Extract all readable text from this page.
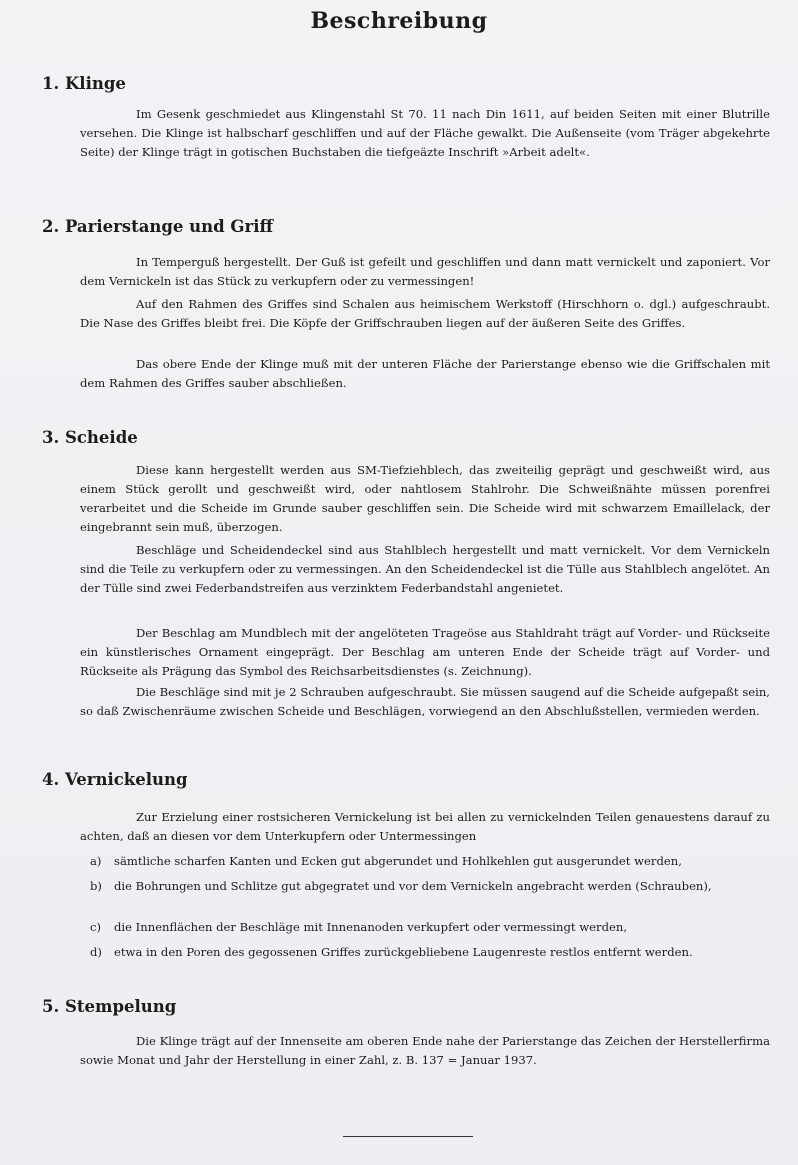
Beschreibung
1. Klinge

Im Gesenk geschmiedet aus Klingenstahl St 70. 11 nach Din 1611, auf beiden Seiten mit einer Blutrille versehen. Die Klinge ist halbscharf geschliffen und auf der Fläche gewalkt. Die Außenseite (vom Träger abgekehrte Seite) der Klinge trägt in gotischen Buchstaben die tiefgeäzte Inschrift »Arbeit adelt«.

2. Parierstange und Griff

In Temperguß hergestellt. Der Guß ist gefeilt und geschliffen und dann matt vernickelt und zaponiert. Vor dem Vernickeln ist das Stück zu verkupfern oder zu vermessingen!

Auf den Rahmen des Griffes sind Schalen aus heimischem Werkstoff (Hirschhorn o. dgl.) aufgeschraubt. Die Nase des Griffes bleibt frei. Die Köpfe der Griffschrauben liegen auf der äußeren Seite des Griffes.

Das obere Ende der Klinge muß mit der unteren Fläche der Parierstange ebenso wie die Griffschalen mit dem Rahmen des Griffes sauber abschließen.

3. Scheide

Diese kann hergestellt werden aus SM-Tiefziehblech, das zweiteilig geprägt und geschweißt wird, aus einem Stück gerollt und geschweißt wird, oder nahtlosem Stahlrohr. Die Schweißnähte müssen porenfrei verarbeitet und die Scheide im Grunde sauber geschliffen sein. Die Scheide wird mit schwarzem Emaillelack, der eingebrannt sein muß, überzogen.

Beschläge und Scheidendeckel sind aus Stahlblech hergestellt und matt vernickelt. Vor dem Vernickeln sind die Teile zu verkupfern oder zu vermessingen. An den Scheidendeckel ist die Tülle aus Stahlblech angelötet. An der Tülle sind zwei Federbandstreifen aus verzinktem Federbandstahl angenietet.

Der Beschlag am Mundblech mit der angelöteten Trageöse aus Stahldraht trägt auf Vorder- und Rückseite ein künstlerisches Ornament eingeprägt. Der Beschlag am unteren Ende der Scheide trägt auf Vorder- und Rückseite als Prägung das Symbol des Reichsarbeitsdienstes (s. Zeichnung).

Die Beschläge sind mit je 2 Schrauben aufgeschraubt. Sie müssen saugend auf die Scheide aufgepaßt sein, so daß Zwischenräume zwischen Scheide und Beschlägen, vorwiegend an den Abschlußstellen, vermieden werden.

4. Vernickelung

Zur Erzielung einer rostsicheren Vernickelung ist bei allen zu vernickelnden Teilen genauestens darauf zu achten, daß an diesen vor dem Unterkupfern oder Untermessingen

a) sämtliche scharfen Kanten und Ecken gut abgerundet und Hohlkehlen gut ausgerundet werden,
b) die Bohrungen und Schlitze gut abgegratet und vor dem Vernickeln angebracht werden (Schrauben),
c) die Innenflächen der Beschläge mit Innenanoden verkupfert oder vermessingt werden,
d) etwa in den Poren des gegossenen Griffes zurückgebliebene Laugenreste restlos entfernt werden.
5. Stempelung

Die Klinge trägt auf der Innenseite am oberen Ende nahe der Parierstange das Zeichen der Herstellerfirma sowie Monat und Jahr der Herstellung in einer Zahl, z. B. 137 = Januar 1937.
